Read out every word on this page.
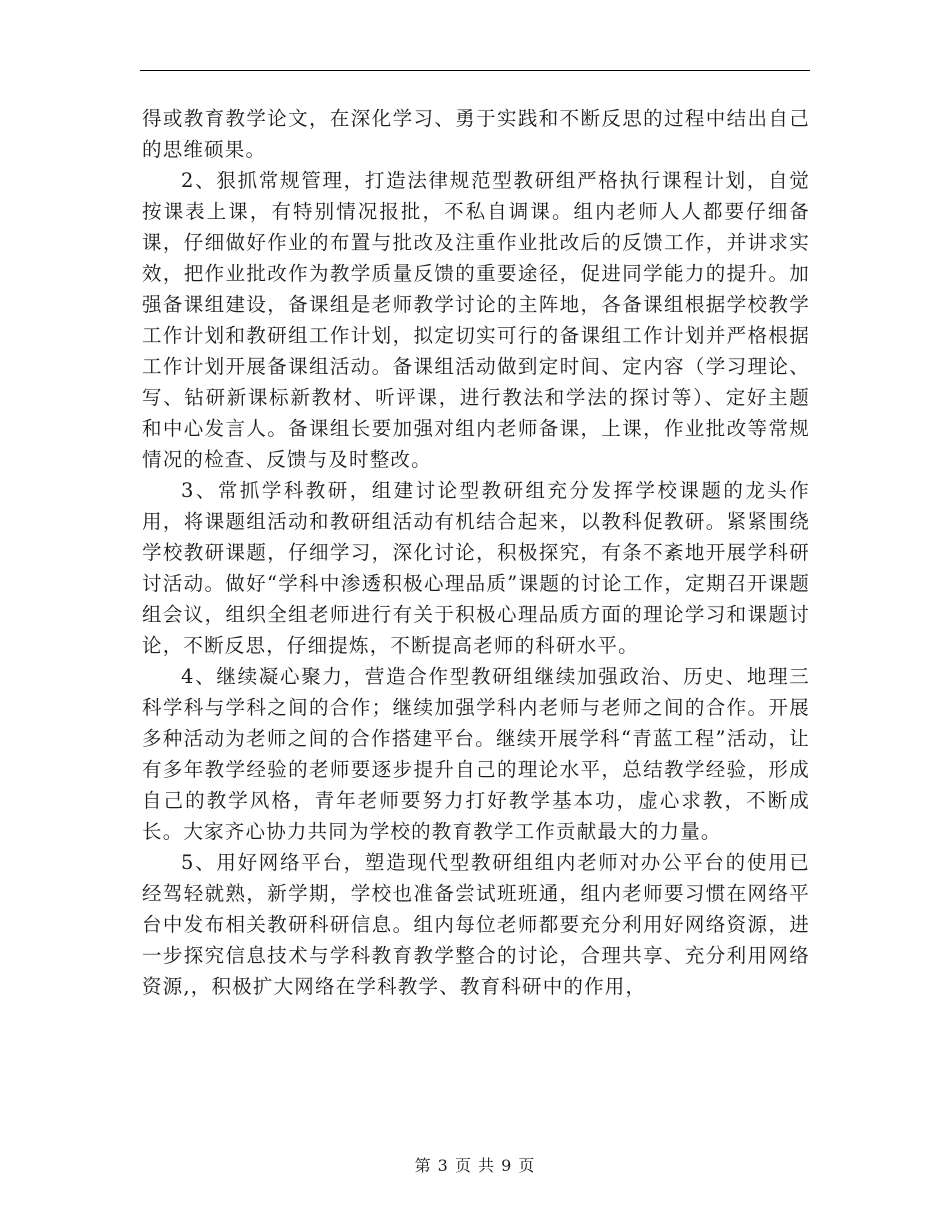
得或教育教学论文，在深化学习、勇于实践和不断反思的过程中结出自己的思维硕果。

2、狠抓常规管理，打造法律规范型教研组严格执行课程计划，自觉按课表上课，有特别情况报批，不私自调课。组内老师人人都要仔细备课，仔细做好作业的布置与批改及注重作业批改后的反馈工作，并讲求实效，把作业批改作为教学质量反馈的重要途径，促进同学能力的提升。加强备课组建设，备课组是老师教学讨论的主阵地，各备课组根据学校教学工作计划和教研组工作计划，拟定切实可行的备课组工作计划并严格根据工作计划开展备课组活动。备课组活动做到定时间、定内容（学习理论、写、钻研新课标新教材、听评课，进行教法和学法的探讨等）、定好主题和中心发言人。备课组长要加强对组内老师备课，上课，作业批改等常规情况的检查、反馈与及时整改。

3、常抓学科教研，组建讨论型教研组充分发挥学校课题的龙头作用，将课题组活动和教研组活动有机结合起来，以教科促教研。紧紧围绕学校教研课题，仔细学习，深化讨论，积极探究，有条不紊地开展学科研讨活动。做好“学科中渗透积极心理品质”课题的讨论工作，定期召开课题组会议，组织全组老师进行有关于积极心理品质方面的理论学习和课题讨论，不断反思，仔细提炼，不断提高老师的科研水平。

4、继续凝心聚力，营造合作型教研组继续加强政治、历史、地理三科学科与学科之间的合作；继续加强学科内老师与老师之间的合作。开展多种活动为老师之间的合作搭建平台。继续开展学科“青蓝工程”活动，让有多年教学经验的老师要逐步提升自己的理论水平，总结教学经验，形成自己的教学风格，青年老师要努力打好教学基本功，虚心求教，不断成长。大家齐心协力共同为学校的教育教学工作贡献最大的力量。

5、用好网络平台，塑造现代型教研组组内老师对办公平台的使用已经驾轻就熟，新学期，学校也准备尝试班班通，组内老师要习惯在网络平台中发布相关教研科研信息。组内每位老师都要充分利用好网络资源，进一步探究信息技术与学科教育教学整合的讨论，合理共享、充分利用网络资源,，积极扩大网络在学科教学、教育科研中的作用，

第 3 页 共 9 页
